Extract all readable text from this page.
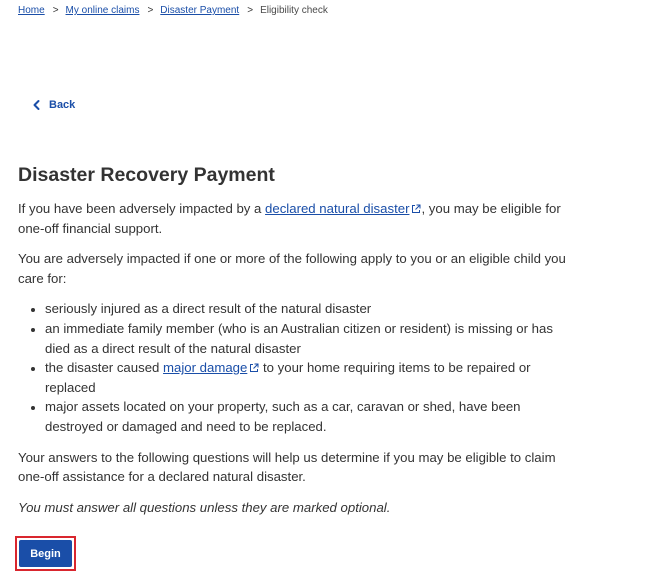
Home > My online claims > Disaster Payment > Eligibility check
Back
Disaster Recovery Payment

If you have been adversely impacted by a declared natural disaster , you may be eligible for one-off financial support.

You are adversely impacted if one or more of the following apply to you or an eligible child you care for:

• seriously injured as a direct result of the natural disaster
• an immediate family member (who is an Australian citizen or resident) is missing or has died as a direct result of the natural disaster
• the disaster caused major damage to your home requiring items to be repaired or replaced
• major assets located on your property, such as a car, caravan or shed, have been destroyed or damaged and need to be replaced.

Your answers to the following questions will help us determine if you may be eligible to claim one-off assistance for a declared natural disaster.

You must answer all questions unless they are marked optional.

Begin
